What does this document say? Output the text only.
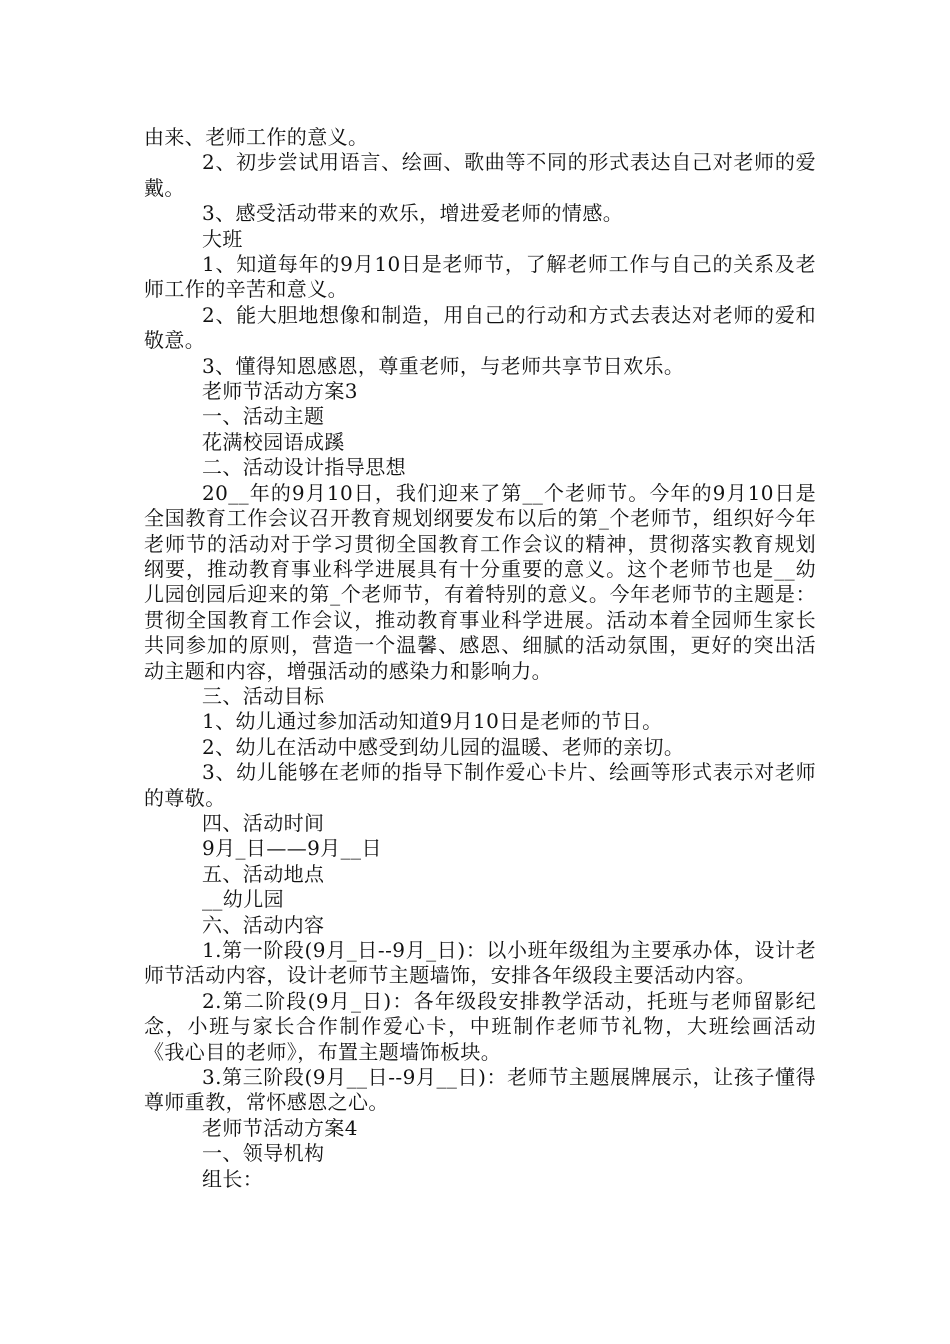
由来、老师工作的意义。

2、初步尝试用语言、绘画、歌曲等不同的形式表达自己对老师的爱戴。

3、感受活动带来的欢乐，增进爱老师的情感。

大班

1、知道每年的9月10日是老师节，了解老师工作与自己的关系及老师工作的辛苦和意义。

2、能大胆地想像和制造，用自己的行动和方式去表达对老师的爱和敬意。

3、懂得知恩感恩，尊重老师，与老师共享节日欢乐。

老师节活动方案3

一、活动主题

花满校园语成蹊

二、活动设计指导思想

20__年的9月10日，我们迎来了第__个老师节。今年的9月10日是全国教育工作会议召开教育规划纲要发布以后的第_个老师节，组织好今年老师节的活动对于学习贯彻全国教育工作会议的精神，贯彻落实教育规划纲要，推动教育事业科学进展具有十分重要的意义。这个老师节也是__幼儿园创园后迎来的第_个老师节，有着特别的意义。今年老师节的主题是：贯彻全国教育工作会议，推动教育事业科学进展。活动本着全园师生家长共同参加的原则，营造一个温馨、感恩、细腻的活动氛围，更好的突出活动主题和内容，增强活动的感染力和影响力。

三、活动目标

1、幼儿通过参加活动知道9月10日是老师的节日。

2、幼儿在活动中感受到幼儿园的温暖、老师的亲切。

3、幼儿能够在老师的指导下制作爱心卡片、绘画等形式表示对老师的尊敬。

四、活动时间

9月_日——9月__日

五、活动地点

__幼儿园

六、活动内容

1.第一阶段(9月_日--9月_日)：以小班年级组为主要承办体，设计老师节活动内容，设计老师节主题墙饰，安排各年级段主要活动内容。

2.第二阶段(9月_日)：各年级段安排教学活动，托班与老师留影纪念，小班与家长合作制作爱心卡，中班制作老师节礼物，大班绘画活动《我心目的老师》，布置主题墙饰板块。

3.第三阶段(9月__日--9月__日)：老师节主题展牌展示，让孩子懂得尊师重教，常怀感恩之心。

老师节活动方案4

一、领导机构

组长：
